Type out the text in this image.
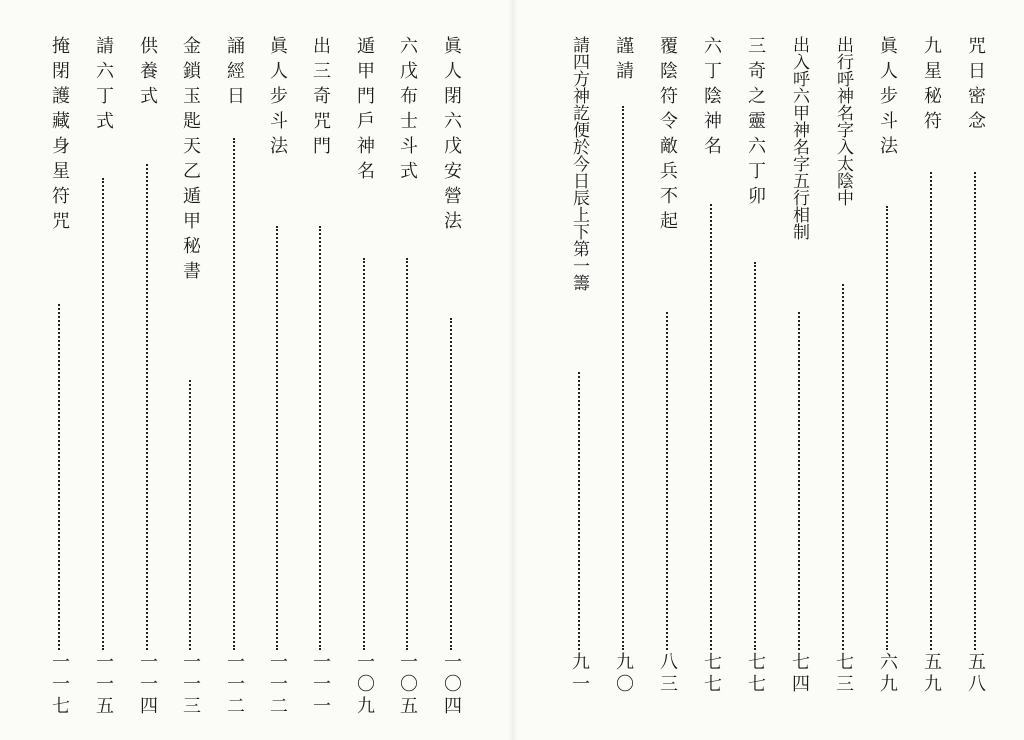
眞人閉六戊安營法
一〇四
六戊布士斗式
一〇五
遁甲門戶神名
一〇九
出三奇咒門
一一一
眞人步斗法
一一二
誦經日
一一二
金鎖玉匙天乙遁甲秘書
一一三
供養式
一一四
請六丁式
一一五
掩閉護藏身星符咒
一一七
咒日密念
五八
九星秘符
五九
眞人步斗法
六九
出行呼神名字入太陰中
七三
出入呼六甲神名字五行相制
七四
三奇之靈六丁卯
七七
六丁陰神名
七七
覆陰符令敵兵不起
八三
謹請
九〇
請四方神訖便於今日辰上下第一籌
九一
